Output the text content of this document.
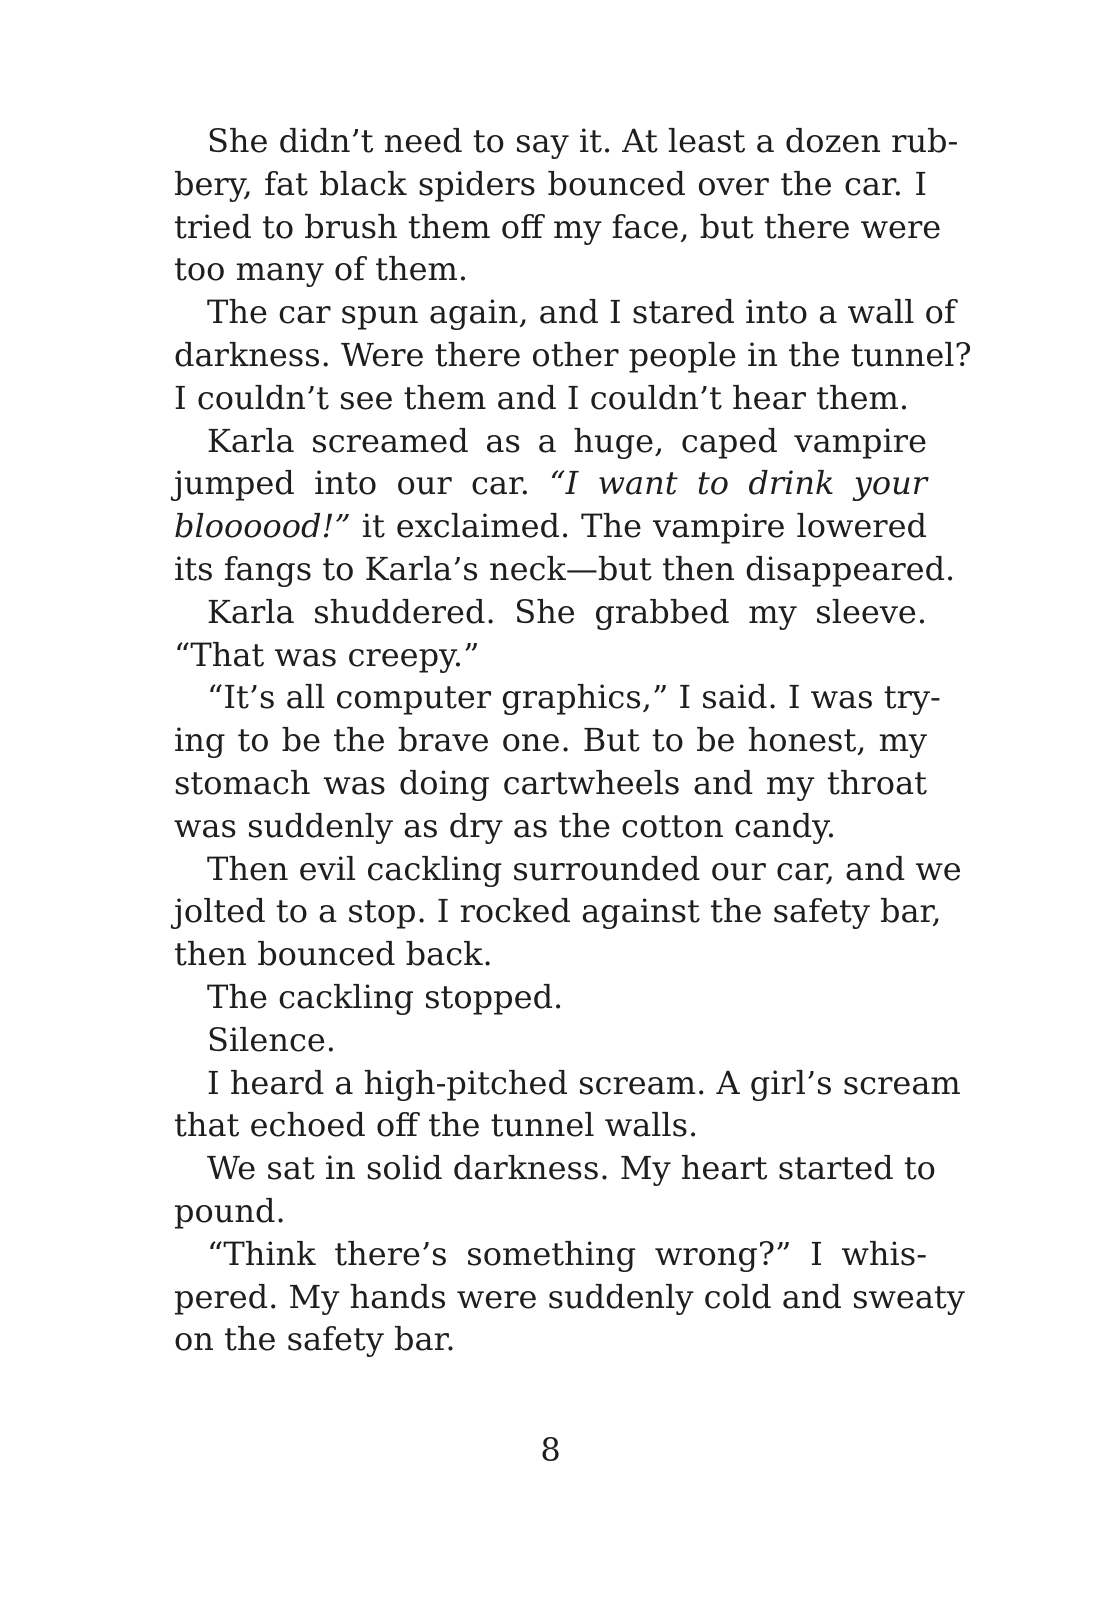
She didn’t need to say it. At least a dozen rub-
bery, fat black spiders bounced over the car. I
tried to brush them off my face, but there were
too many of them.
The car spun again, and I stared into a wall of
darkness. Were there other people in the tunnel?
I couldn’t see them and I couldn’t hear them.
Karla screamed as a huge, caped vampire
jumped into our car. “I want to drink your
bloooood!” it exclaimed. The vampire lowered
its fangs to Karla’s neck—but then disappeared.
Karla shuddered. She grabbed my sleeve.
“That was creepy.”
“It’s all computer graphics,” I said. I was try-
ing to be the brave one. But to be honest, my
stomach was doing cartwheels and my throat
was suddenly as dry as the cotton candy.
Then evil cackling surrounded our car, and we
jolted to a stop. I rocked against the safety bar,
then bounced back.
The cackling stopped.
Silence.
I heard a high-pitched scream. A girl’s scream
that echoed off the tunnel walls.
We sat in solid darkness. My heart started to
pound.
“Think there’s something wrong?” I whis-
pered. My hands were suddenly cold and sweaty
on the safety bar.
8
